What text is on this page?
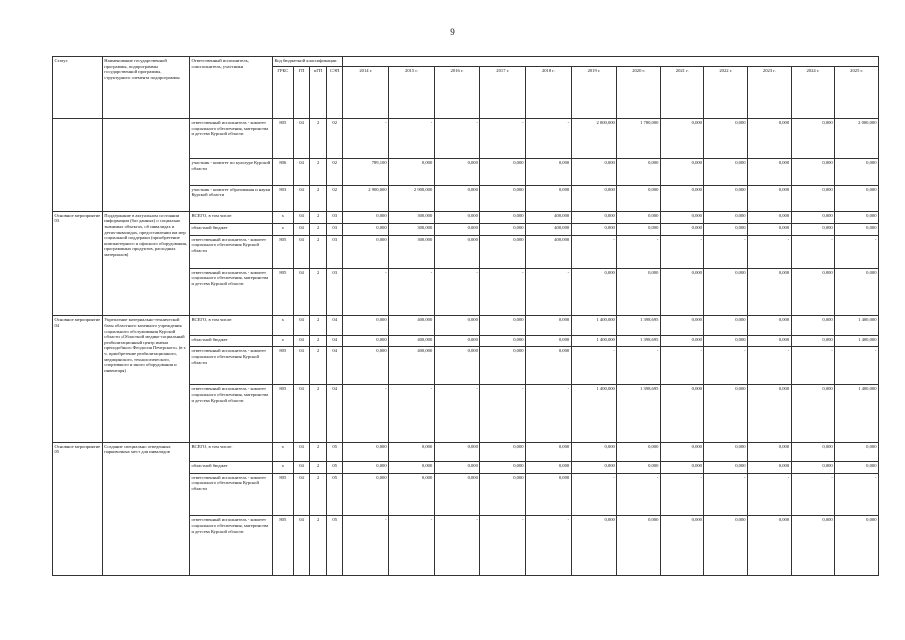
9
Статус	Наименование государственной программы, подпрограммы государственной программы, структурного элемента подпрограммы	Ответственный исполнитель, соисполнитель, участники	Код бюджетной классификации															
			ГРБС	ГП	пГП	СЭП	2014 г.	2015 г.	2016 г.	2017 г.	2018 г.	2019 г.	2020 г.	2021 г.	2022 г.	2023 г.	2024 г.	2025 г.
		ответственный исполнитель - комитет социального обеспечения, материнства и детства Курской области	805	04	2	02	-	-	-	-	-	2 000,000	1 780,000	0,000	0,000	0,000	0,000	2 000,000
		участник - комитет по культуре Курской области	806	04	2	02	789,100	0,000	0,000	0,000	0,000	0,000	0,000	0,000	0,000	0,000	0,000	0,000
		участник - комитет образования и науки Курской области	803	04	2	02	2 900,000	2 900,000	0,000	0,000	0,000	0,000	0,000	0,000	0,000	0,000	0,000	0,000
Основное мероприятие 03	Поддержание в актуальном состоянии информации (баз данных) о социально значимых объектах, об инвалидах и детях-инвалидах, предоставлении им мер социальной поддержки (приобретение компьютерного и офисного оборудования, программных продуктов, расходных материалов)	ВСЕГО, в том числе:	x	04	2	03	0,000	300,000	0,000	0,000	400,000	0,000	0,000	0,000	0,000	0,000	0,000	0,000
		областной бюджет	x	04	2	03	0,000	300,000	0,000	0,000	400,000	0,000	0,000	0,000	0,000	0,000	0,000	0,000
		ответственный исполнитель - комитет социального обеспечения Курской области	805	04	2	03	0,000	300,000	0,000	0,000	400,000	-	-	-	-	-	-	-
		ответственный исполнитель - комитет социального обеспечения, материнства и детства Курской области	805	04	2	03	-	-	-	-	-	0,000	0,000	0,000	0,000	0,000	0,000	0,000
Основное мероприятие 04	Укрепление материально-технической базы областного казенного учреждения социального обслуживания Курской области «Областной медико-социальный реабилитационный центр имени преподобного Феодосия Печерского» (в т. ч. приобретение реабилитационного, медицинского, технологического, спортивного и иного оборудования и инвентаря)	ВСЕГО, в том числе:	x	04	2	04	0,000	400,000	0,000	0,000	0,000	1 400,000	1 398,695	0,000	0,000	0,000	0,000	1 400,000
		областной бюджет	x	04	2	04	0,000	400,000	0,000	0,000	0,000	1 400,000	1 398,695	0,000	0,000	0,000	0,000	1 400,000
		ответственный исполнитель - комитет социального обеспечения Курской области	805	04	2	04	0,000	400,000	0,000	0,000	0,000	-	-	-	-	-	-	-
		ответственный исполнитель - комитет социального обеспечения, материнства и детства Курской области	805	04	2	04	-	-	-	-	-	1 400,000	1 398,695	0,000	0,000	0,000	0,000	1 400,000
Основное мероприятие 05	Создание специально отведенных парковочных мест для инвалидов	ВСЕГО, в том числе:	x	04	2	05	0,000	0,000	0,000	0,000	0,000	0,000	0,000	0,000	0,000	0,000	0,000	0,000
		областной бюджет	x	04	2	05	0,000	0,000	0,000	0,000	0,000	0,000	0,000	0,000	0,000	0,000	0,000	0,000
		ответственный исполнитель - комитет социального обеспечения Курской области	805	04	2	05	0,000	0,000	0,000	0,000	0,000	-	-	-	-	-	-	-
		ответственный исполнитель - комитет социального обеспечения, материнства и детства Курской области	805	04	2	05	-	-	-	-	-	0,000	0,000	0,000	0,000	0,000	0,000	0,000
